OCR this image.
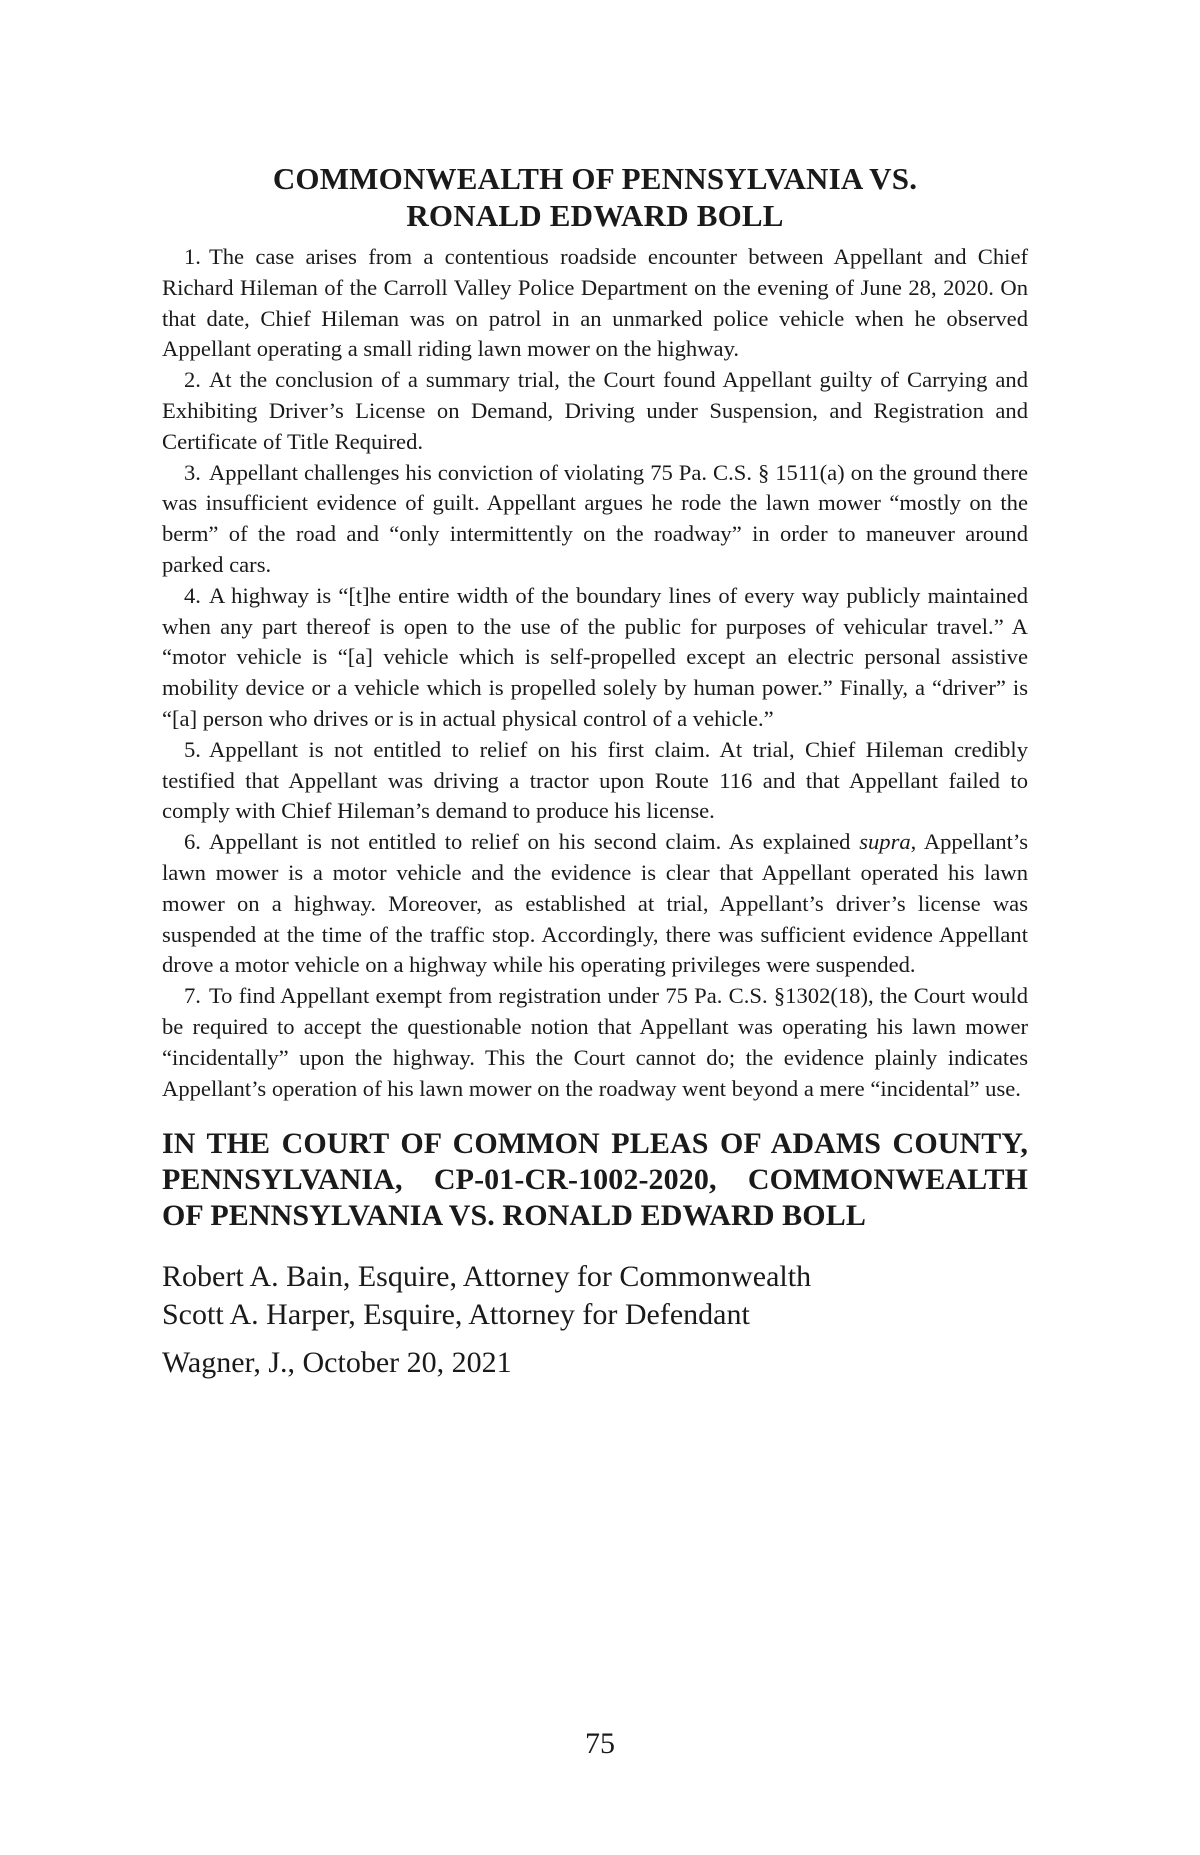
COMMONWEALTH OF PENNSYLVANIA VS.
RONALD EDWARD BOLL

1. The case arises from a contentious roadside encounter between Appellant and Chief Richard Hileman of the Carroll Valley Police Department on the evening of June 28, 2020. On that date, Chief Hileman was on patrol in an unmarked police vehicle when he observed Appellant operating a small riding lawn mower on the highway.

2. At the conclusion of a summary trial, the Court found Appellant guilty of Carrying and Exhibiting Driver’s License on Demand, Driving under Suspension, and Registration and Certificate of Title Required.

3. Appellant challenges his conviction of violating 75 Pa. C.S. § 1511(a) on the ground there was insufficient evidence of guilt. Appellant argues he rode the lawn mower “mostly on the berm” of the road and “only intermittently on the roadway” in order to maneuver around parked cars.

4. A highway is “[t]he entire width of the boundary lines of every way publicly maintained when any part thereof is open to the use of the public for purposes of vehicular travel.” A “motor vehicle is “[a] vehicle which is self-propelled except an electric personal assistive mobility device or a vehicle which is propelled solely by human power.” Finally, a “driver” is “[a] person who drives or is in actual physical control of a vehicle.”

5. Appellant is not entitled to relief on his first claim. At trial, Chief Hileman credibly testified that Appellant was driving a tractor upon Route 116 and that Appellant failed to comply with Chief Hileman’s demand to produce his license.

6. Appellant is not entitled to relief on his second claim. As explained supra, Appellant’s lawn mower is a motor vehicle and the evidence is clear that Appellant operated his lawn mower on a highway. Moreover, as established at trial, Appellant’s driver’s license was suspended at the time of the traffic stop. Accordingly, there was sufficient evidence Appellant drove a motor vehicle on a highway while his operating privileges were suspended.

7. To find Appellant exempt from registration under 75 Pa. C.S. §1302(18), the Court would be required to accept the questionable notion that Appellant was operating his lawn mower “incidentally” upon the highway. This the Court cannot do; the evidence plainly indicates Appellant’s operation of his lawn mower on the roadway went beyond a mere “incidental” use.

IN THE COURT OF COMMON PLEAS OF ADAMS COUNTY, PENNSYLVANIA, CP-01-CR-1002-2020, COMMONWEALTH OF PENNSYLVANIA VS. RONALD EDWARD BOLL

Robert A. Bain, Esquire, Attorney for Commonwealth

Scott A. Harper, Esquire, Attorney for Defendant

Wagner, J., October 20, 2021

75
